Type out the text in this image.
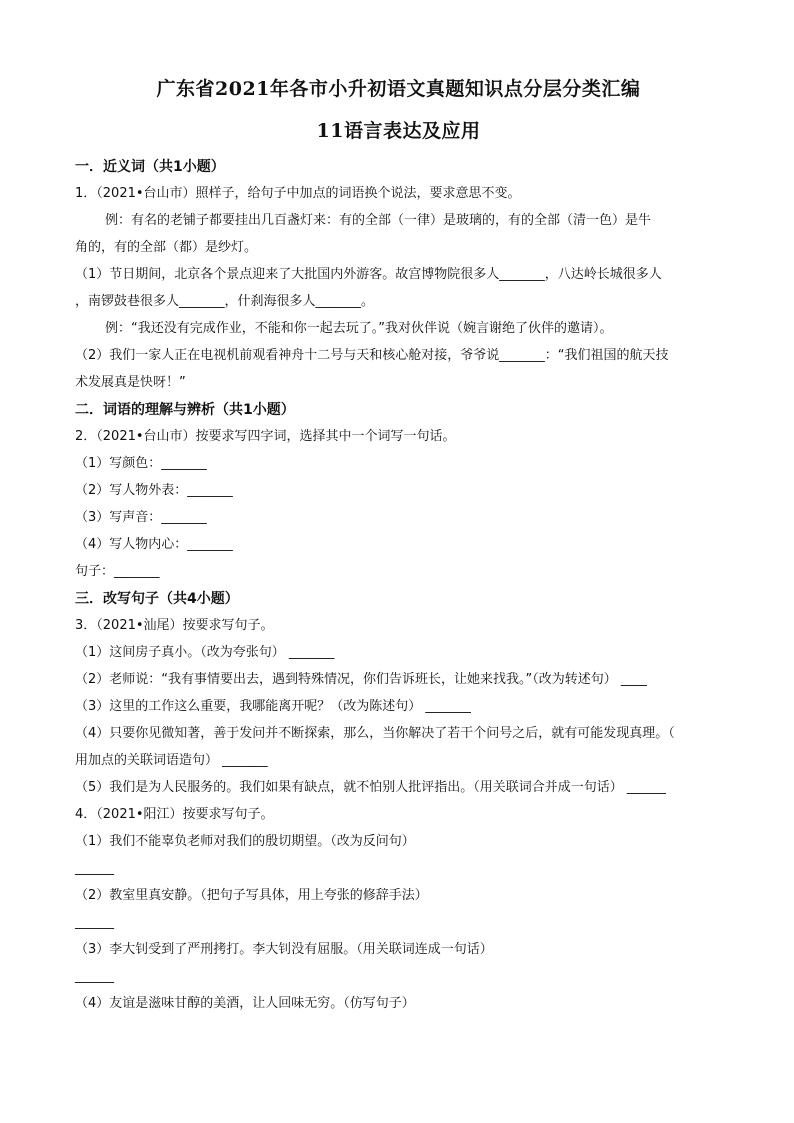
广东省2021年各市小升初语文真题知识点分层分类汇编
11语言表达及应用
一．近义词（共1小题）
1．（2021•台山市）照样子，给句子中加点的词语换个说法，要求意思不变。
例：有名的老铺子都要挂出几百盏灯来：有的全部（一律）是玻璃的，有的全部（清一色）是牛
角的，有的全部（都）是纱灯。
（1）节日期间，北京各个景点迎来了大批国内外游客。故宫博物院很多人_______，八达岭长城很多人
，南锣鼓巷很多人_______，什刹海很多人_______。
例：“我还没有完成作业，不能和你一起去玩了。”我对伙伴说（婉言谢绝了伙伴的邀请）。
（2）我们一家人正在电视机前观看神舟十二号与天和核心舱对接，爷爷说_______：“我们祖国的航天技
术发展真是快呀！”
二．词语的理解与辨析（共1小题）
2．（2021•台山市）按要求写四字词，选择其中一个词写一句话。
（1）写颜色：_______
（2）写人物外表：_______
（3）写声音：_______
（4）写人物内心：_______
句子：_______
三．改写句子（共4小题）
3．（2021•汕尾）按要求写句子。
（1）这间房子真小。（改为夸张句） _______
（2）老师说：“我有事情要出去，遇到特殊情况，你们告诉班长，让她来找我。”（改为转述句） ____
（3）这里的工作这么重要，我哪能离开呢？（改为陈述句） _______
（4）只要你见微知著，善于发问并不断探索，那么，当你解决了若干个问号之后，就有可能发现真理。（
用加点的关联词语造句） _______
（5）我们是为人民服务的。我们如果有缺点，就不怕别人批评指出。（用关联词合并成一句话） ______
4．（2021•阳江）按要求写句子。
（1）我们不能辜负老师对我们的殷切期望。（改为反问句）
______
（2）教室里真安静。（把句子写具体，用上夸张的修辞手法）
______
（3）李大钊受到了严刑拷打。李大钊没有屈服。（用关联词连成一句话）
______
（4）友谊是滋味甘醇的美酒，让人回味无穷。（仿写句子）
